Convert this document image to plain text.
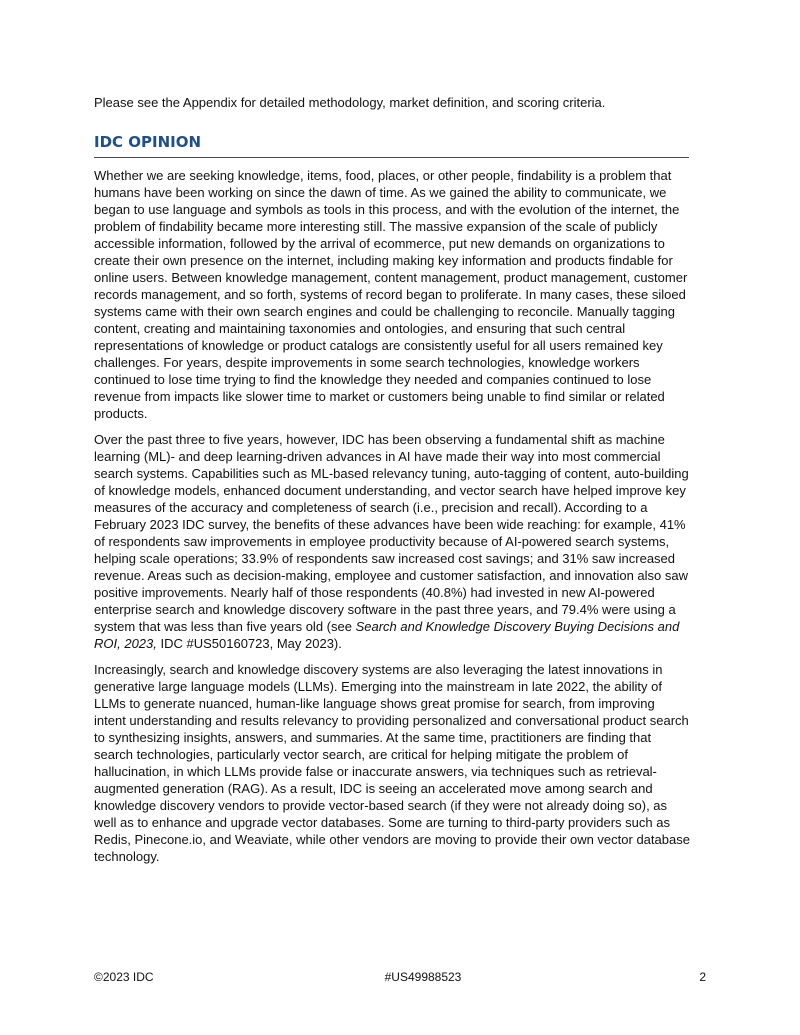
Please see the Appendix for detailed methodology, market definition, and scoring criteria.

IDC OPINION

Whether we are seeking knowledge, items, food, places, or other people, findability is a problem that humans have been working on since the dawn of time. As we gained the ability to communicate, we began to use language and symbols as tools in this process, and with the evolution of the internet, the problem of findability became more interesting still. The massive expansion of the scale of publicly accessible information, followed by the arrival of ecommerce, put new demands on organizations to create their own presence on the internet, including making key information and products findable for online users. Between knowledge management, content management, product management, customer records management, and so forth, systems of record began to proliferate. In many cases, these siloed systems came with their own search engines and could be challenging to reconcile. Manually tagging content, creating and maintaining taxonomies and ontologies, and ensuring that such central representations of knowledge or product catalogs are consistently useful for all users remained key challenges. For years, despite improvements in some search technologies, knowledge workers continued to lose time trying to find the knowledge they needed and companies continued to lose revenue from impacts like slower time to market or customers being unable to find similar or related products.

Over the past three to five years, however, IDC has been observing a fundamental shift as machine learning (ML)- and deep learning-driven advances in AI have made their way into most commercial search systems. Capabilities such as ML-based relevancy tuning, auto-tagging of content, auto-building of knowledge models, enhanced document understanding, and vector search have helped improve key measures of the accuracy and completeness of search (i.e., precision and recall). According to a February 2023 IDC survey, the benefits of these advances have been wide reaching: for example, 41% of respondents saw improvements in employee productivity because of AI-powered search systems, helping scale operations; 33.9% of respondents saw increased cost savings; and 31% saw increased revenue. Areas such as decision-making, employee and customer satisfaction, and innovation also saw positive improvements. Nearly half of those respondents (40.8%) had invested in new AI-powered enterprise search and knowledge discovery software in the past three years, and 79.4% were using a system that was less than five years old (see Search and Knowledge Discovery Buying Decisions and ROI, 2023, IDC #US50160723, May 2023).

Increasingly, search and knowledge discovery systems are also leveraging the latest innovations in generative large language models (LLMs). Emerging into the mainstream in late 2022, the ability of LLMs to generate nuanced, human-like language shows great promise for search, from improving intent understanding and results relevancy to providing personalized and conversational product search to synthesizing insights, answers, and summaries. At the same time, practitioners are finding that search technologies, particularly vector search, are critical for helping mitigate the problem of hallucination, in which LLMs provide false or inaccurate answers, via techniques such as retrieval-augmented generation (RAG). As a result, IDC is seeing an accelerated move among search and knowledge discovery vendors to provide vector-based search (if they were not already doing so), as well as to enhance and upgrade vector databases. Some are turning to third-party providers such as Redis, Pinecone.io, and Weaviate, while other vendors are moving to provide their own vector database technology.

©2023 IDC	#US49988523	2
